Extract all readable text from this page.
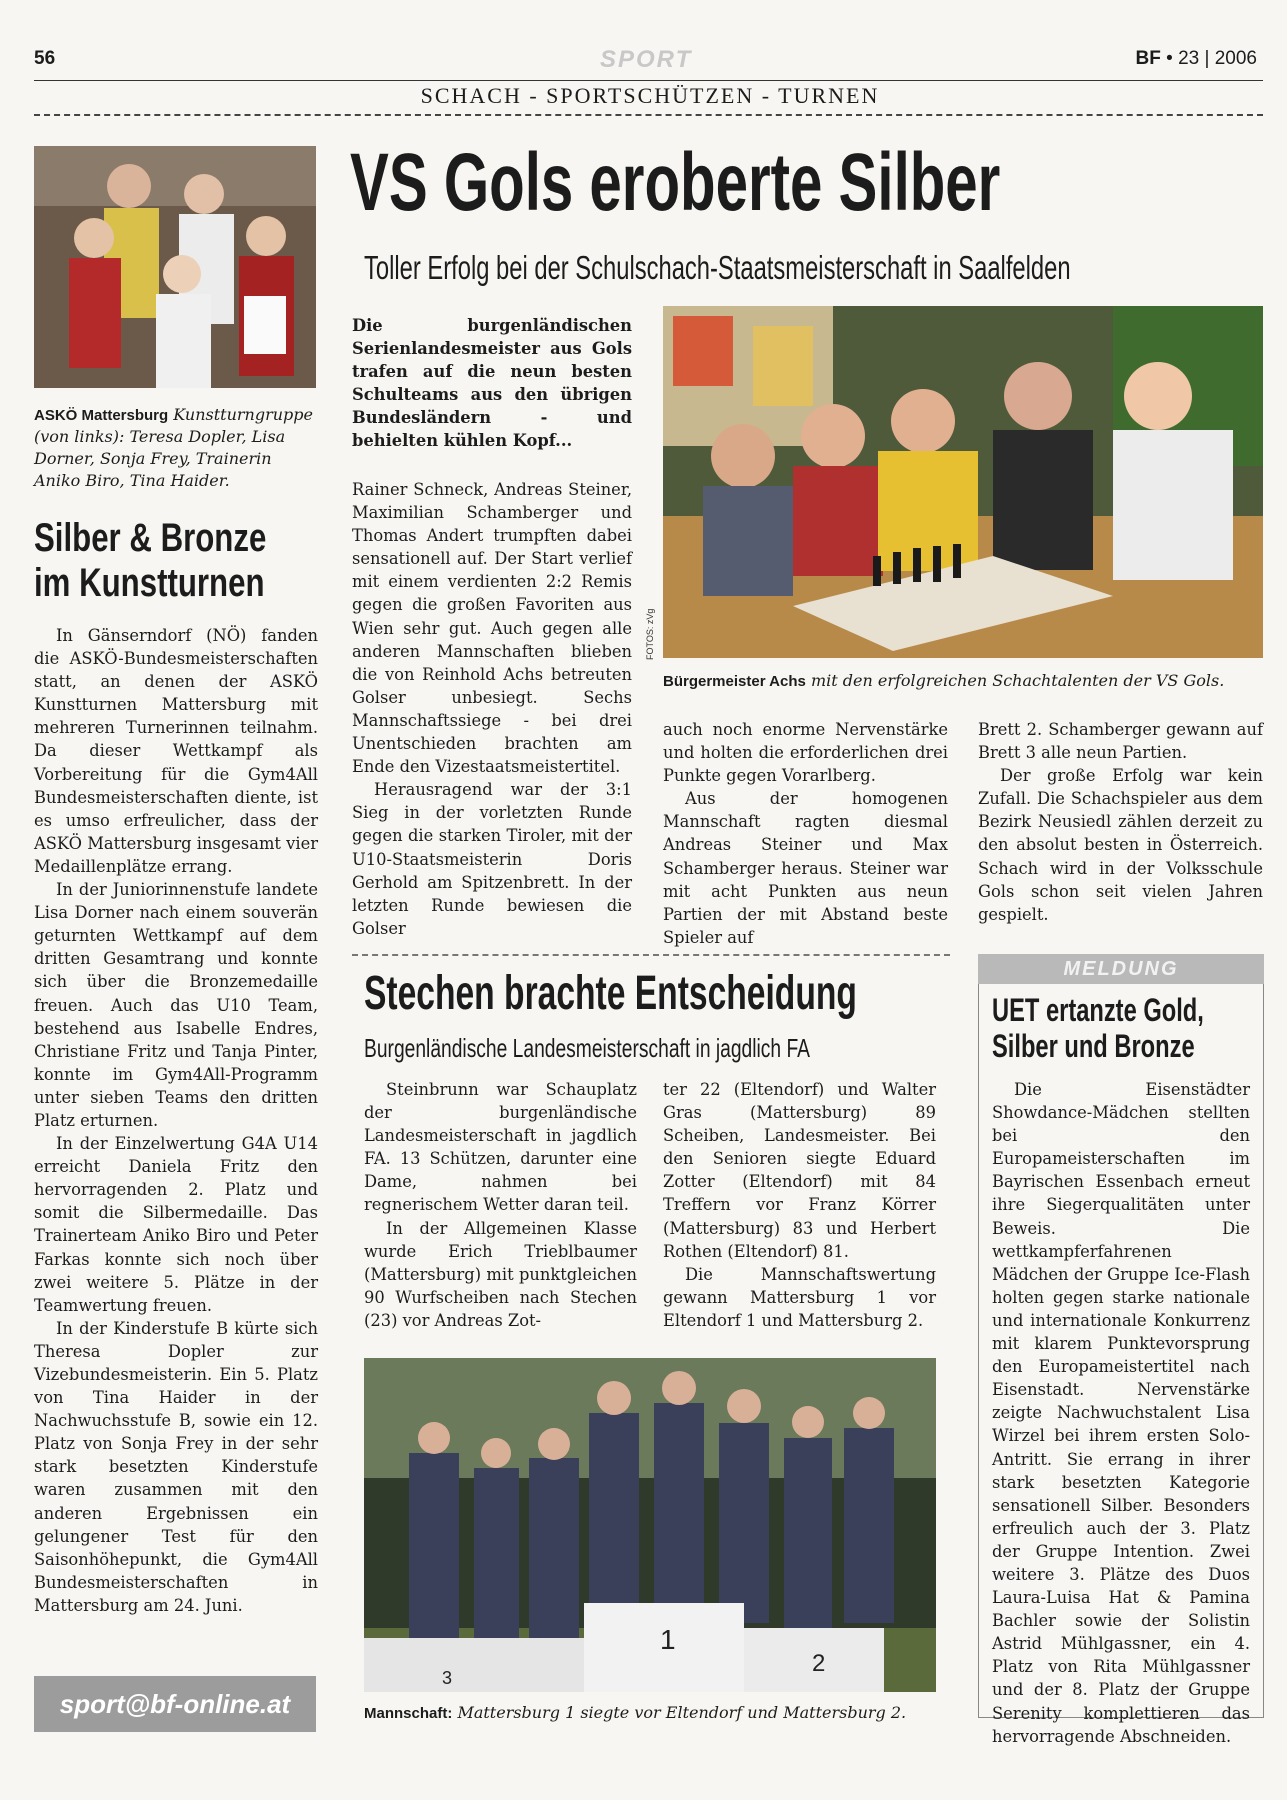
56	SPORT	BF • 23 | 2006
SCHACH - SPORTSCHÜTZEN - TURNEN
ASKÖ Mattersburg Kunstturngruppe (von links): Teresa Dopler, Lisa Dorner, Sonja Frey, Trainerin Aniko Biro, Tina Haider.
Silber & Bronze
im Kunstturnen

In Gänserndorf (NÖ) fanden die ASKÖ-Bundesmeisterschaften statt, an denen der ASKÖ Kunstturnen Mattersburg mit mehreren Turnerinnen teilnahm. Da dieser Wettkampf als Vorbereitung für die Gym4All Bundesmeisterschaften diente, ist es umso erfreulicher, dass der ASKÖ Mattersburg insgesamt vier Medaillenplätze errang.

In der Juniorinnenstufe landete Lisa Dorner nach einem souverän geturnten Wettkampf auf dem dritten Gesamtrang und konnte sich über die Bronzemedaille freuen. Auch das U10 Team, bestehend aus Isabelle Endres, Christiane Fritz und Tanja Pinter, konnte im Gym4All-Programm unter sieben Teams den dritten Platz erturnen.

In der Einzelwertung G4A U14 erreicht Daniela Fritz den hervorragenden 2. Platz und somit die Silbermedaille. Das Trainerteam Aniko Biro und Peter Farkas konnte sich noch über zwei weitere 5. Plätze in der Teamwertung freuen.

In der Kinderstufe B kürte sich Theresa Dopler zur Vizebundesmeisterin. Ein 5. Platz von Tina Haider in der Nachwuchsstufe B, sowie ein 12. Platz von Sonja Frey in der sehr stark besetzten Kinderstufe waren zusammen mit den anderen Ergebnissen ein gelungener Test für den Saisonhöhepunkt, die Gym4All Bundesmeisterschaften in Mattersburg am 24. Juni.

sport@bf-online.at
VS Gols eroberte Silber
Toller Erfolg bei der Schulschach-Staatsmeisterschaft in Saalfelden
Die burgenländischen Serienlandesmeister aus Gols trafen auf die neun besten Schulteams aus den übrigen Bundesländern - und behielten kühlen Kopf...

Rainer Schneck, Andreas Steiner, Maximilian Schamberger und Thomas Andert trumpften dabei sensationell auf. Der Start verlief mit einem verdienten 2:2 Remis gegen die großen Favoriten aus Wien sehr gut. Auch gegen alle anderen Mannschaften blieben die von Reinhold Achs betreuten Golser unbesiegt. Sechs Mannschaftssiege - bei drei Unentschieden brachten am Ende den Vizestaatsmeistertitel.

Herausragend war der 3:1 Sieg in der vorletzten Runde gegen die starken Tiroler, mit der U10-Staatsmeisterin Doris Gerhold am Spitzenbrett. In der letzten Runde bewiesen die Golser

FOTOS: zVg
Bürgermeister Achs mit den erfolgreichen Schachtalenten der VS Gols.

auch noch enorme Nervenstärke und holten die erforderlichen drei Punkte gegen Vorarlberg.

Aus der homogenen Mannschaft ragten diesmal Andreas Steiner und Max Schamberger heraus. Steiner war mit acht Punkten aus neun Partien der mit Abstand beste Spieler auf

Brett 2. Schamberger gewann auf Brett 3 alle neun Partien.

Der große Erfolg war kein Zufall. Die Schachspieler aus dem Bezirk Neusiedl zählen derzeit zu den absolut besten in Österreich. Schach wird in der Volksschule Gols schon seit vielen Jahren gespielt.

Stechen brachte Entscheidung
Burgenländische Landesmeisterschaft in jagdlich FA

Steinbrunn war Schauplatz der burgenländische Landesmeisterschaft in jagdlich FA. 13 Schützen, darunter eine Dame, nahmen bei regnerischem Wetter daran teil.

In der Allgemeinen Klasse wurde Erich Trieblbaumer (Mattersburg) mit punktgleichen 90 Wurfscheiben nach Stechen (23) vor Andreas Zot-

ter 22 (Eltendorf) und Walter Gras (Mattersburg) 89 Scheiben, Landesmeister. Bei den Senioren siegte Eduard Zotter (Eltendorf) mit 84 Treffern vor Franz Körrer (Mattersburg) 83 und Herbert Rothen (Eltendorf) 81.

Die Mannschaftswertung gewann Mattersburg 1 vor Eltendorf 1 und Mattersburg 2.

1
2
3
Mannschaft: Mattersburg 1 siegte vor Eltendorf und Mattersburg 2.
MELDUNG
UET ertanzte Gold,
Silber und Bronze

Die Eisenstädter Showdance-Mädchen stellten bei den Europameisterschaften im Bayrischen Essenbach erneut ihre Siegerqualitäten unter Beweis. Die wettkampferfahrenen Mädchen der Gruppe Ice-Flash holten gegen starke nationale und internationale Konkurrenz mit klarem Punktevorsprung den Europameistertitel nach Eisenstadt. Nervenstärke zeigte Nachwuchstalent Lisa Wirzel bei ihrem ersten Solo-Antritt. Sie errang in ihrer stark besetzten Kategorie sensationell Silber. Besonders erfreulich auch der 3. Platz der Gruppe Intention. Zwei weitere 3. Plätze des Duos Laura-Luisa Hat & Pamina Bachler sowie der Solistin Astrid Mühlgassner, ein 4. Platz von Rita Mühlgassner und der 8. Platz der Gruppe Serenity komplettieren das hervorragende Abschneiden.
